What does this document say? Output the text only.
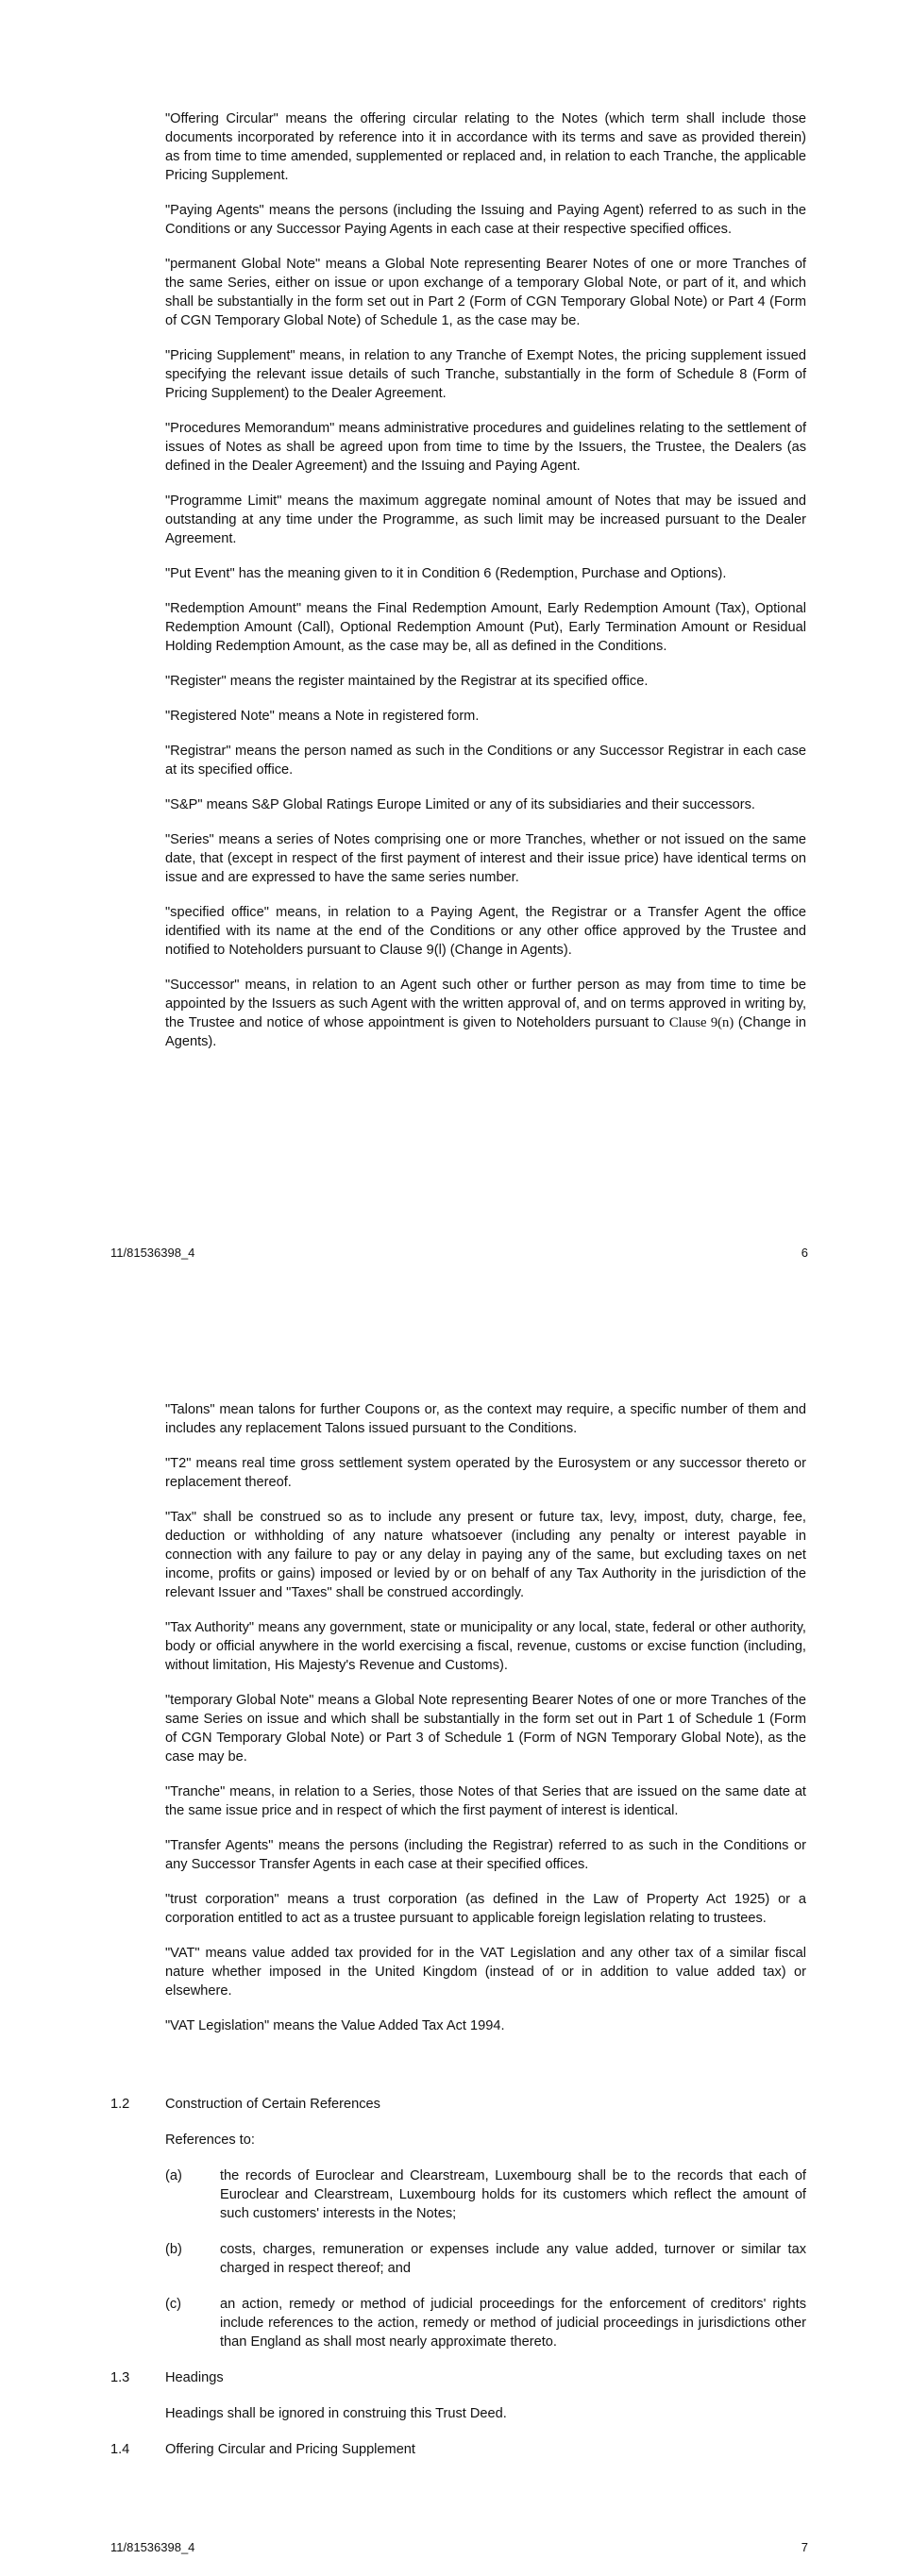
"Offering Circular" means the offering circular relating to the Notes (which term shall include those documents incorporated by reference into it in accordance with its terms and save as provided therein) as from time to time amended, supplemented or replaced and, in relation to each Tranche, the applicable Pricing Supplement.

"Paying Agents" means the persons (including the Issuing and Paying Agent) referred to as such in the Conditions or any Successor Paying Agents in each case at their respective specified offices.

"permanent Global Note" means a Global Note representing Bearer Notes of one or more Tranches of the same Series, either on issue or upon exchange of a temporary Global Note, or part of it, and which shall be substantially in the form set out in Part 2 (Form of CGN Temporary Global Note) or Part 4 (Form of CGN Temporary Global Note) of Schedule 1, as the case may be.

"Pricing Supplement" means, in relation to any Tranche of Exempt Notes, the pricing supplement issued specifying the relevant issue details of such Tranche, substantially in the form of Schedule 8 (Form of Pricing Supplement) to the Dealer Agreement.

"Procedures Memorandum" means administrative procedures and guidelines relating to the settlement of issues of Notes as shall be agreed upon from time to time by the Issuers, the Trustee, the Dealers (as defined in the Dealer Agreement) and the Issuing and Paying Agent.

"Programme Limit" means the maximum aggregate nominal amount of Notes that may be issued and outstanding at any time under the Programme, as such limit may be increased pursuant to the Dealer Agreement.

"Put Event" has the meaning given to it in Condition 6 (Redemption, Purchase and Options).

"Redemption Amount" means the Final Redemption Amount, Early Redemption Amount (Tax), Optional Redemption Amount (Call), Optional Redemption Amount (Put), Early Termination Amount or Residual Holding Redemption Amount, as the case may be, all as defined in the Conditions.

"Register" means the register maintained by the Registrar at its specified office.

"Registered Note" means a Note in registered form.

"Registrar" means the person named as such in the Conditions or any Successor Registrar in each case at its specified office.

"S&P" means S&P Global Ratings Europe Limited or any of its subsidiaries and their successors.

"Series" means a series of Notes comprising one or more Tranches, whether or not issued on the same date, that (except in respect of the first payment of interest and their issue price) have identical terms on issue and are expressed to have the same series number.

"specified office" means, in relation to a Paying Agent, the Registrar or a Transfer Agent the office identified with its name at the end of the Conditions or any other office approved by the Trustee and notified to Noteholders pursuant to Clause 9(l) (Change in Agents).

"Successor" means, in relation to an Agent such other or further person as may from time to time be appointed by the Issuers as such Agent with the written approval of, and on terms approved in writing by, the Trustee and notice of whose appointment is given to Noteholders pursuant to Clause 9(n) (Change in Agents).

11/81536398_4	6

"Talons" mean talons for further Coupons or, as the context may require, a specific number of them and includes any replacement Talons issued pursuant to the Conditions.

"T2" means real time gross settlement system operated by the Eurosystem or any successor thereto or replacement thereof.

"Tax" shall be construed so as to include any present or future tax, levy, impost, duty, charge, fee, deduction or withholding of any nature whatsoever (including any penalty or interest payable in connection with any failure to pay or any delay in paying any of the same, but excluding taxes on net income, profits or gains) imposed or levied by or on behalf of any Tax Authority in the jurisdiction of the relevant Issuer and "Taxes" shall be construed accordingly.

"Tax Authority" means any government, state or municipality or any local, state, federal or other authority, body or official anywhere in the world exercising a fiscal, revenue, customs or excise function (including, without limitation, His Majesty's Revenue and Customs).

"temporary Global Note" means a Global Note representing Bearer Notes of one or more Tranches of the same Series on issue and which shall be substantially in the form set out in Part 1 of Schedule 1 (Form of CGN Temporary Global Note) or Part 3 of Schedule 1 (Form of NGN Temporary Global Note), as the case may be.

"Tranche" means, in relation to a Series, those Notes of that Series that are issued on the same date at the same issue price and in respect of which the first payment of interest is identical.

"Transfer Agents" means the persons (including the Registrar) referred to as such in the Conditions or any Successor Transfer Agents in each case at their specified offices.

"trust corporation" means a trust corporation (as defined in the Law of Property Act 1925) or a corporation entitled to act as a trustee pursuant to applicable foreign legislation relating to trustees.

"VAT" means value added tax provided for in the VAT Legislation and any other tax of a similar fiscal nature whether imposed in the United Kingdom (instead of or in addition to value added tax) or elsewhere.

"VAT Legislation" means the Value Added Tax Act 1994.

1.2	Construction of Certain References
References to:
(a)	the records of Euroclear and Clearstream, Luxembourg shall be to the records that each of Euroclear and Clearstream, Luxembourg holds for its customers which reflect the amount of such customers' interests in the Notes;
(b)	costs, charges, remuneration or expenses include any value added, turnover or similar tax charged in respect thereof; and
(c)	an action, remedy or method of judicial proceedings for the enforcement of creditors' rights include references to the action, remedy or method of judicial proceedings in jurisdictions other than England as shall most nearly approximate thereto.
1.3	Headings
Headings shall be ignored in construing this Trust Deed.
1.4	Offering Circular and Pricing Supplement
11/81536398_4	7
